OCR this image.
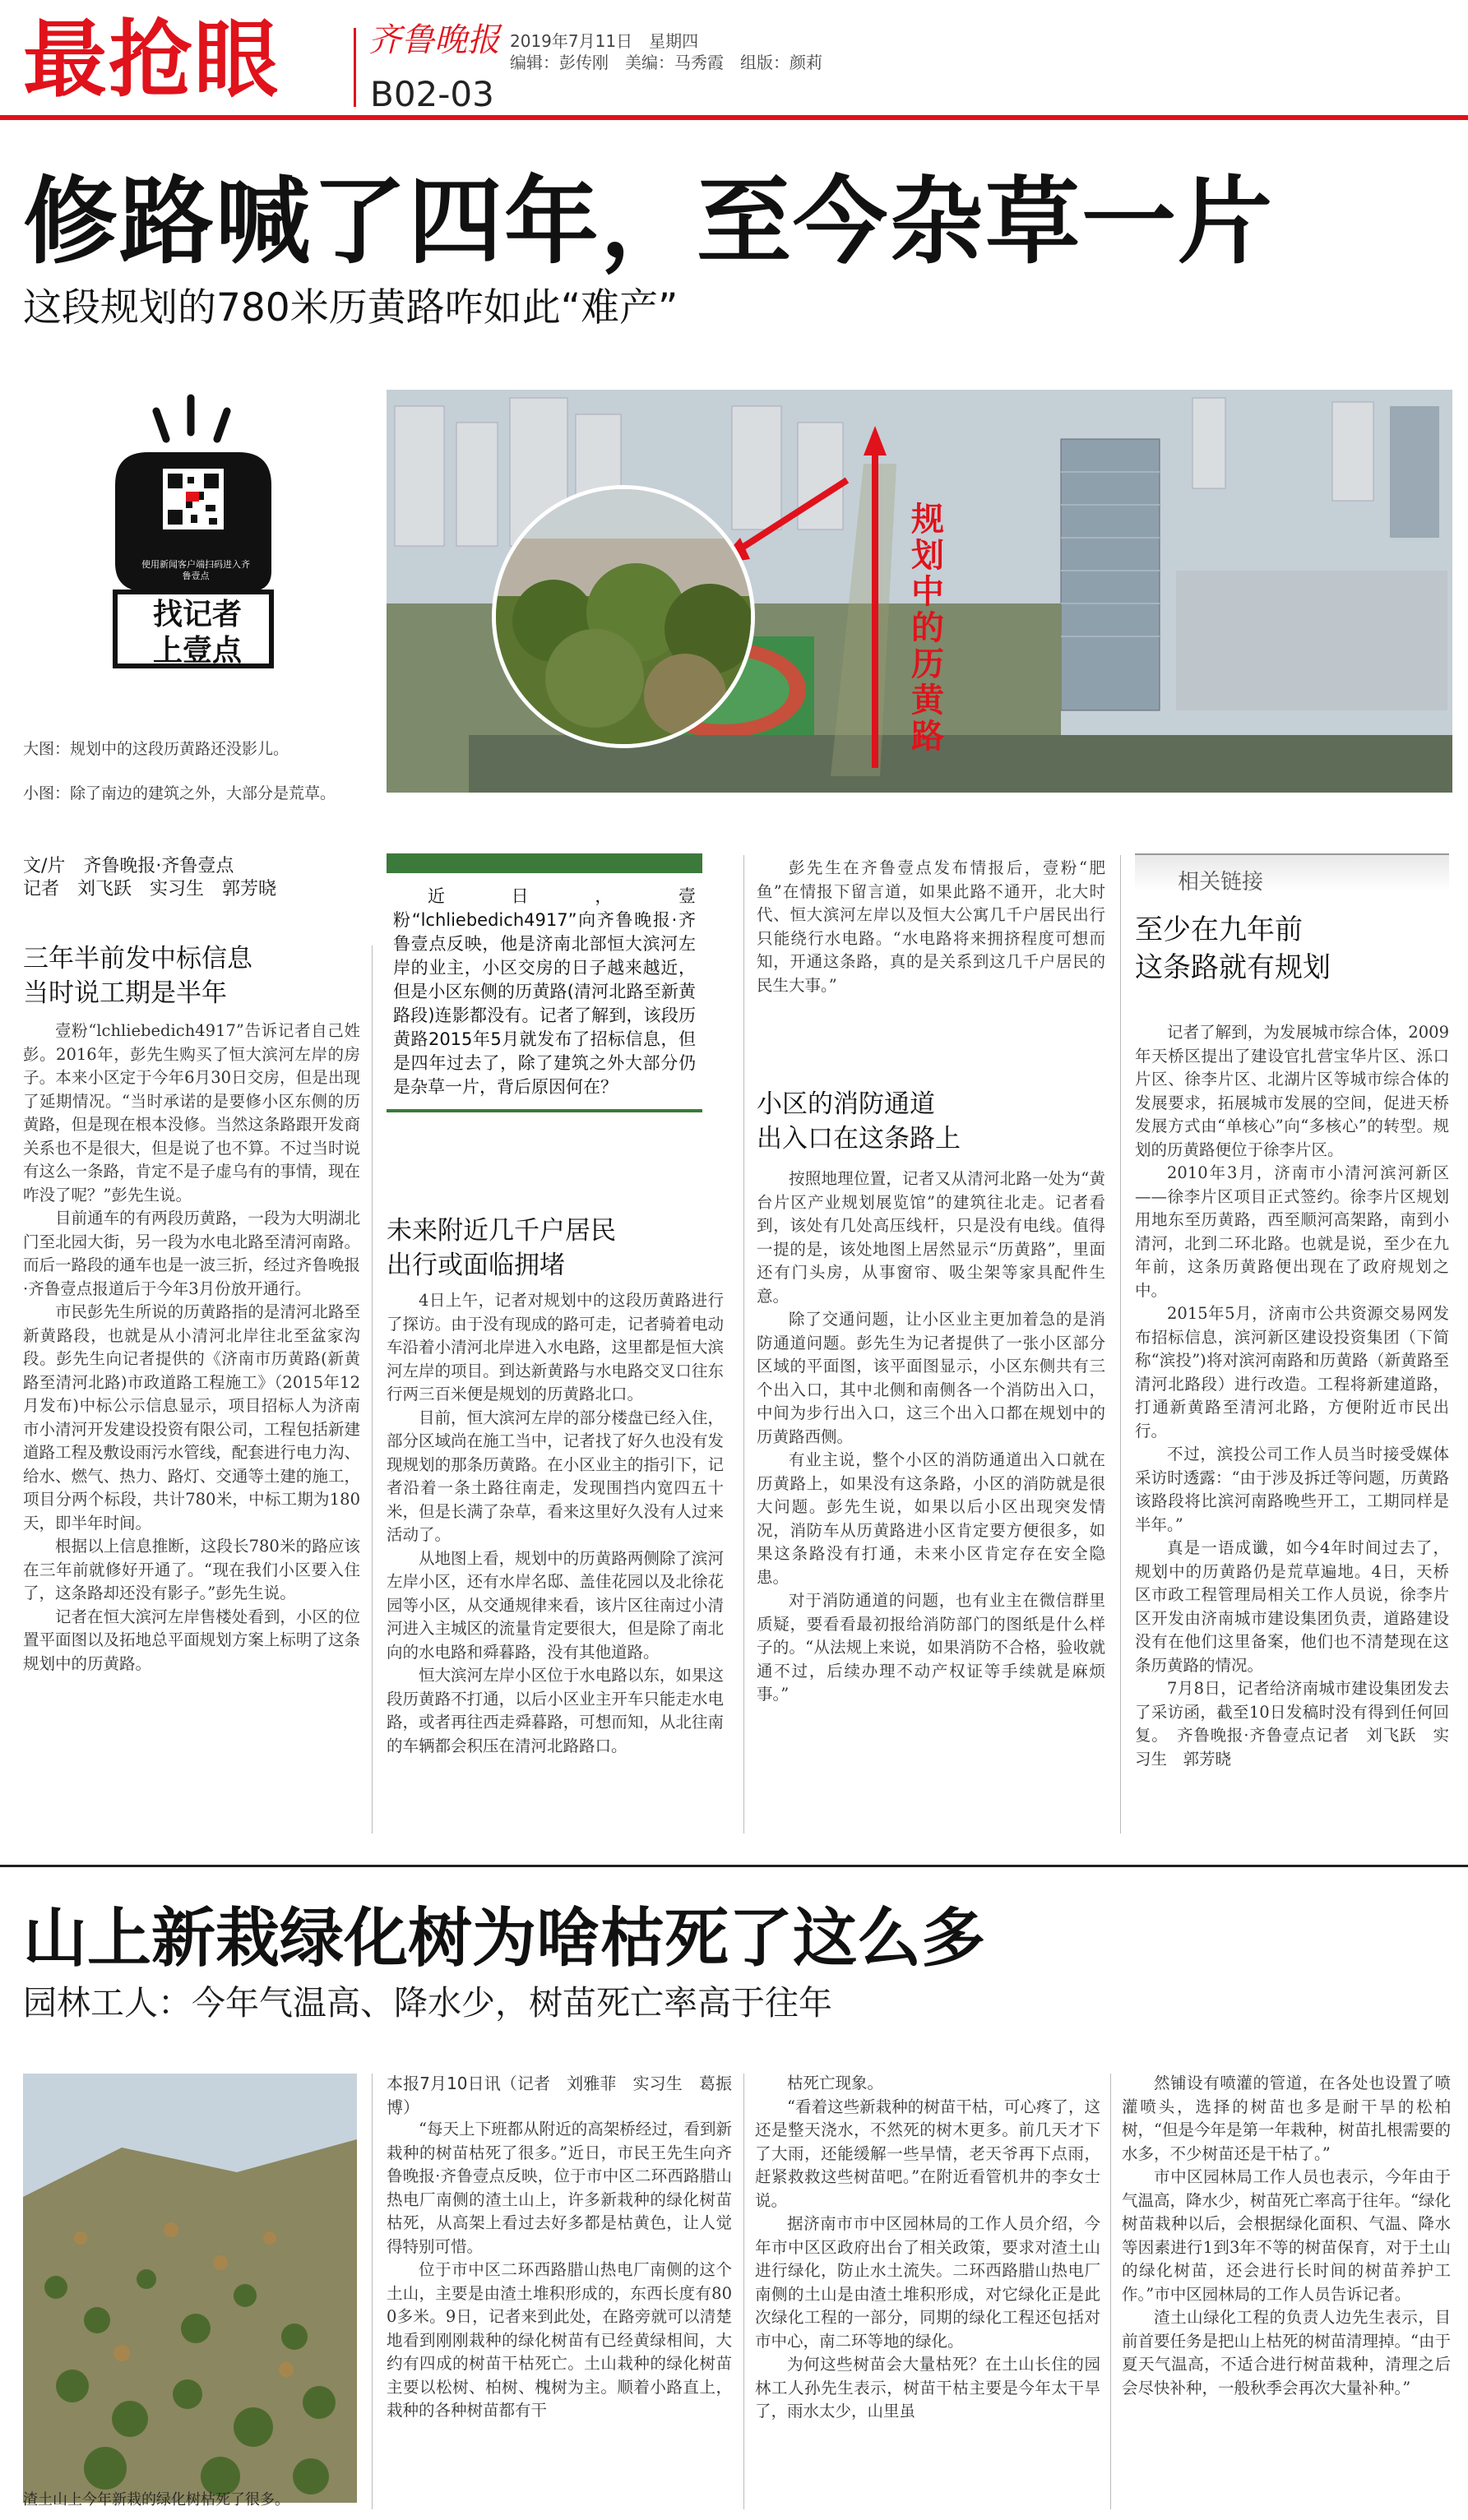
最抢眼	齐鲁晚报 2019年7月11日　星期四
编辑：彭传刚　美编：马秀霞　组版：颜莉
B02-03
修路喊了四年，至今杂草一片
这段规划的780米历黄路咋如此“难产”
使用新闻客户端扫码进入齐鲁壹点
找记者
上壹点
规划中的历黄路
大图：规划中的这段历黄路还没影儿。
小图：除了南边的建筑之外，大部分是荒草。
文/片　齐鲁晚报·齐鲁壹点
记者　刘飞跃　实习生　郭芳晓	近日，壹粉“lchliebedich4917”向齐鲁晚报·齐鲁壹点反映，他是济南北部恒大滨河左岸的业主，小区交房的日子越来越近，但是小区东侧的历黄路(清河北路至新黄路段)连影都没有。记者了解到，该段历黄路2015年5月就发布了招标信息，但是四年过去了，除了建筑之外大部分仍是杂草一片，背后原因何在？
相关链接
三年半前发中标信息
当时说工期是半年

壹粉“lchliebedich4917”告诉记者自己姓彭。2016年，彭先生购买了恒大滨河左岸的房子。本来小区定于今年6月30日交房，但是出现了延期情况。“当时承诺的是要修小区东侧的历黄路，但是现在根本没修。当然这条路跟开发商关系也不是很大，但是说了也不算。不过当时说有这么一条路，肯定不是子虚乌有的事情，现在咋没了呢？”彭先生说。

目前通车的有两段历黄路，一段为大明湖北门至北园大街，另一段为水电北路至清河南路。而后一路段的通车也是一波三折，经过齐鲁晚报·齐鲁壹点报道后于今年3月份放开通行。

市民彭先生所说的历黄路指的是清河北路至新黄路段，也就是从小清河北岸往北至盆家沟段。彭先生向记者提供的《济南市历黄路(新黄路至清河北路)市政道路工程施工》（2015年12月发布)中标公示信息显示，项目招标人为济南市小清河开发建设投资有限公司，工程包括新建道路工程及敷设雨污水管线，配套进行电力沟、给水、燃气、热力、路灯、交通等土建的施工，项目分两个标段，共计780米，中标工期为180天，即半年时间。

根据以上信息推断，这段长780米的路应该在三年前就修好开通了。“现在我们小区要入住了，这条路却还没有影子。”彭先生说。

记者在恒大滨河左岸售楼处看到，小区的位置平面图以及拓地总平面规划方案上标明了这条规划中的历黄路。

未来附近几千户居民
出行或面临拥堵

4日上午，记者对规划中的这段历黄路进行了探访。由于没有现成的路可走，记者骑着电动车沿着小清河北岸进入水电路，这里都是恒大滨河左岸的项目。到达新黄路与水电路交叉口往东行两三百米便是规划的历黄路北口。

目前，恒大滨河左岸的部分楼盘已经入住，部分区域尚在施工当中，记者找了好久也没有发现规划的那条历黄路。在小区业主的指引下，记者沿着一条土路往南走，发现围挡内宽四五十米，但是长满了杂草，看来这里好久没有人过来活动了。

从地图上看，规划中的历黄路两侧除了滨河左岸小区，还有水岸名邸、盖佳花园以及北徐花园等小区，从交通规律来看，该片区往南过小清河进入主城区的流量肯定要很大，但是除了南北向的水电路和舜暮路，没有其他道路。

恒大滨河左岸小区位于水电路以东，如果这段历黄路不打通，以后小区业主开车只能走水电路，或者再往西走舜暮路，可想而知，从北往南的车辆都会积压在清河北路路口。

彭先生在齐鲁壹点发布情报后，壹粉“肥鱼”在情报下留言道，如果此路不通开，北大时代、恒大滨河左岸以及恒大公寓几千户居民出行只能绕行水电路。“水电路将来拥挤程度可想而知，开通这条路，真的是关系到这几千户居民的民生大事。”

小区的消防通道
出入口在这条路上

按照地理位置，记者又从清河北路一处为“黄台片区产业规划展览馆”的建筑往北走。记者看到，该处有几处高压线杆，只是没有电线。值得一提的是，该处地图上居然显示“历黄路”，里面还有门头房，从事窗帘、吸尘架等家具配件生意。

除了交通问题，让小区业主更加着急的是消防通道问题。彭先生为记者提供了一张小区部分区域的平面图，该平面图显示，小区东侧共有三个出入口，其中北侧和南侧各一个消防出入口，中间为步行出入口，这三个出入口都在规划中的历黄路西侧。

有业主说，整个小区的消防通道出入口就在历黄路上，如果没有这条路，小区的消防就是很大问题。彭先生说，如果以后小区出现突发情况，消防车从历黄路进小区肯定要方便很多，如果这条路没有打通，未来小区肯定存在安全隐患。

对于消防通道的问题，也有业主在微信群里质疑，要看看最初报给消防部门的图纸是什么样子的。“从法规上来说，如果消防不合格，验收就通不过，后续办理不动产权证等手续就是麻烦事。”

至少在九年前
这条路就有规划

记者了解到，为发展城市综合体，2009年天桥区提出了建设官扎营宝华片区、泺口片区、徐李片区、北湖片区等城市综合体的发展要求，拓展城市发展的空间，促进天桥发展方式由“单核心”向“多核心”的转型。规划的历黄路便位于徐李片区。

2010年3月，济南市小清河滨河新区——徐李片区项目正式签约。徐李片区规划用地东至历黄路，西至顺河高架路，南到小清河，北到二环北路。也就是说，至少在九年前，这条历黄路便出现在了政府规划之中。

2015年5月，济南市公共资源交易网发布招标信息，滨河新区建设投资集团（下简称“滨投”)将对滨河南路和历黄路（新黄路至清河北路段）进行改造。工程将新建道路，打通新黄路至清河北路，方便附近市民出行。

不过，滨投公司工作人员当时接受媒体采访时透露：“由于涉及拆迁等问题，历黄路该路段将比滨河南路晚些开工，工期同样是半年。”

真是一语成谶，如今4年时间过去了，规划中的历黄路仍是荒草遍地。4日，天桥区市政工程管理局相关工作人员说，徐李片区开发由济南城市建设集团负责，道路建设没有在他们这里备案，他们也不清楚现在这条历黄路的情况。

7月8日，记者给济南城市建设集团发去了采访函，截至10日发稿时没有得到任何回复。　齐鲁晚报·齐鲁壹点记者　刘飞跃　实习生　郭芳晓

山上新栽绿化树为啥枯死了这么多
园林工人：今年气温高、降水少，树苗死亡率高于往年
渣土山上今年新栽的绿化树枯死了很多。
本报7月10日讯（记者　刘雅菲　实习生　葛振博）

“每天上下班都从附近的高架桥经过，看到新栽种的树苗枯死了很多。”近日，市民王先生向齐鲁晚报·齐鲁壹点反映，位于市中区二环西路腊山热电厂南侧的渣土山上，许多新栽种的绿化树苗枯死，从高架上看过去好多都是枯黄色，让人觉得特别可惜。

位于市中区二环西路腊山热电厂南侧的这个土山，主要是由渣土堆积形成的，东西长度有800多米。9日，记者来到此处，在路旁就可以清楚地看到刚刚栽种的绿化树苗有已经黄绿相间，大约有四成的树苗干枯死亡。土山栽种的绿化树苗主要以松树、柏树、槐树为主。顺着小路直上，栽种的各种树苗都有干

枯死亡现象。

“看着这些新栽种的树苗干枯，可心疼了，这还是整天浇水，不然死的树木更多。前几天才下了大雨，还能缓解一些旱情，老天爷再下点雨，赶紧救救这些树苗吧。”在附近看管机井的李女士说。

据济南市市中区园林局的工作人员介绍，今年市中区区政府出台了相关政策，要求对渣土山进行绿化，防止水土流失。二环西路腊山热电厂南侧的土山是由渣土堆积形成，对它绿化正是此次绿化工程的一部分，同期的绿化工程还包括对市中心，南二环等地的绿化。

为何这些树苗会大量枯死？在土山长住的园林工人孙先生表示，树苗干枯主要是今年太干旱了，雨水太少，山里虽

然铺设有喷灌的管道，在各处也设置了喷灌喷头，选择的树苗也多是耐干旱的松柏树，“但是今年是第一年栽种，树苗扎根需要的水多，不少树苗还是干枯了。”

市中区园林局工作人员也表示，今年由于气温高，降水少，树苗死亡率高于往年。“绿化树苗栽种以后，会根据绿化面积、气温、降水等因素进行1到3年不等的树苗保育，对于土山的绿化树苗，还会进行长时间的树苗养护工作。”市中区园林局的工作人员告诉记者。

渣土山绿化工程的负责人边先生表示，目前首要任务是把山上枯死的树苗清理掉。“由于夏天气温高，不适合进行树苗栽种，清理之后会尽快补种，一般秋季会再次大量补种。”
